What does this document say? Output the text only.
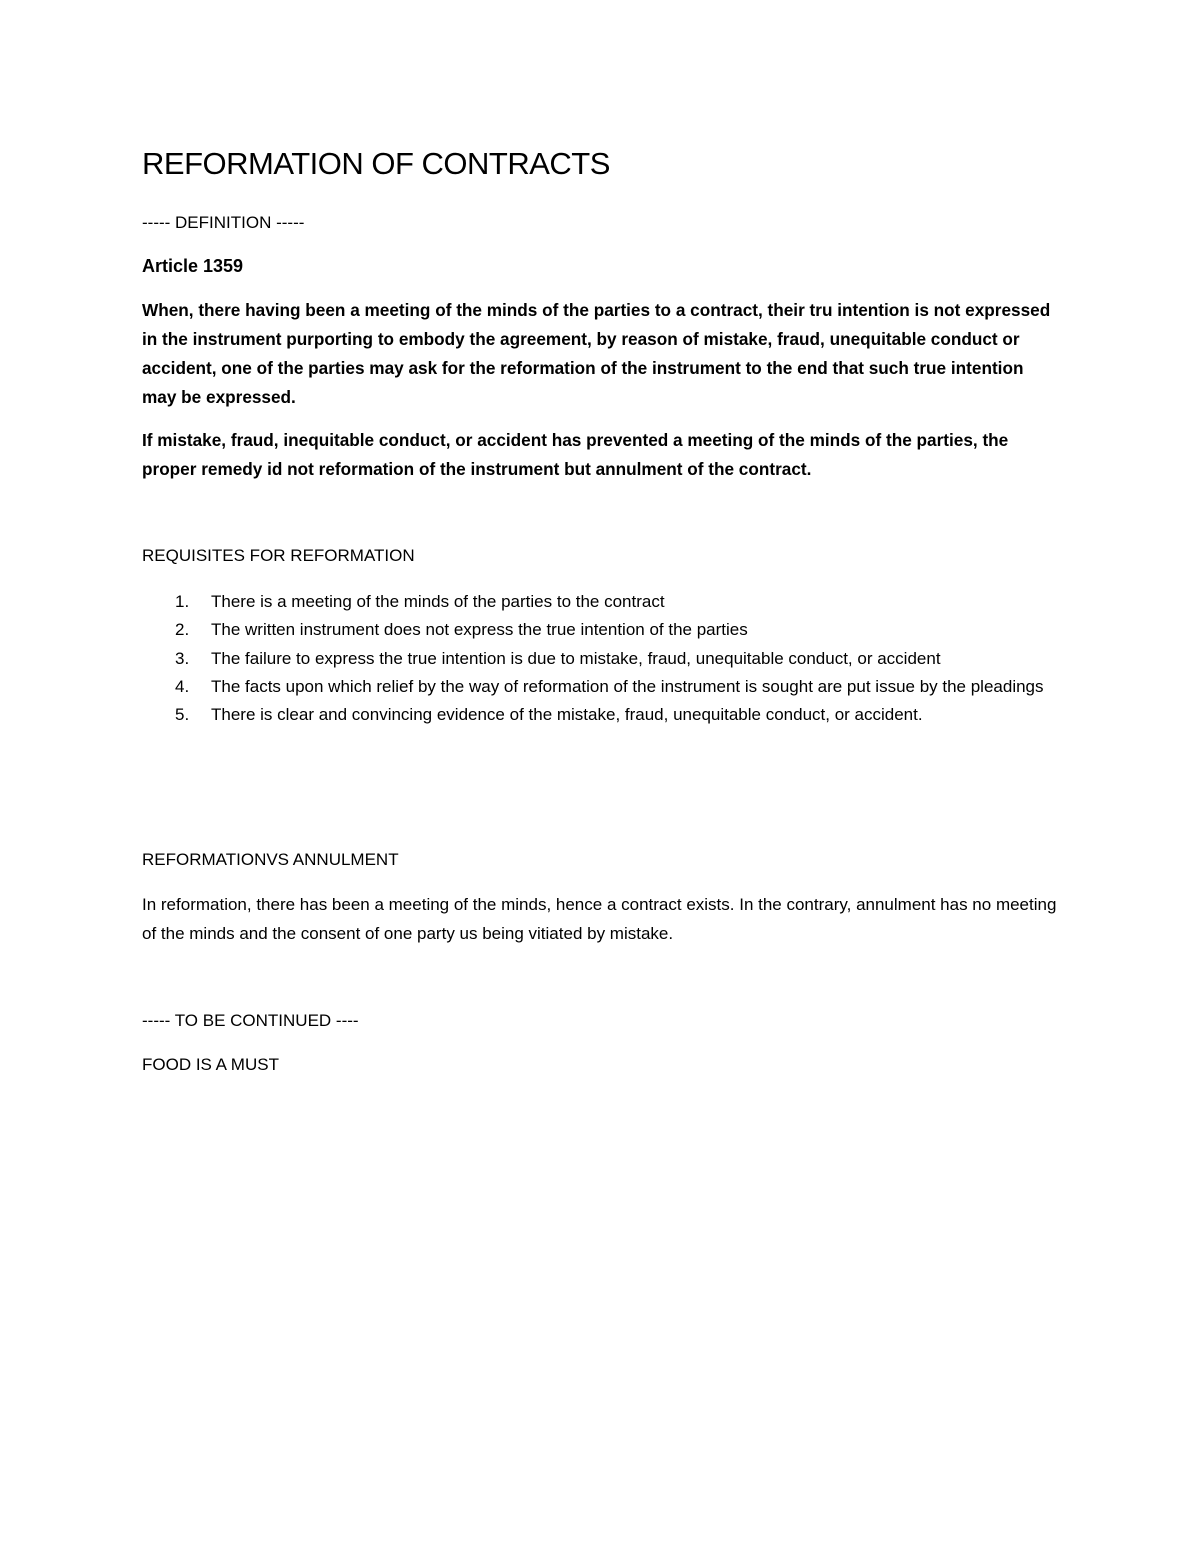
REFORMATION OF CONTRACTS

----- DEFINITION -----

Article 1359

When, there having been a meeting of the minds of the parties to a contract, their tru intention is not expressed in the instrument purporting to embody the agreement, by reason of mistake, fraud, unequitable conduct or accident, one of the parties may ask for the reformation of the instrument to the end that such true intention may be expressed.

If mistake, fraud, inequitable conduct, or accident has prevented a meeting of the minds of the parties, the proper remedy id not reformation of the instrument but annulment of the contract.

REQUISITES FOR REFORMATION

1. There is a meeting of the minds of the parties to the contract
2. The written instrument does not express the true intention of the parties
3. The failure to express the true intention is due to mistake, fraud, unequitable conduct, or accident
4. The facts upon which relief by the way of reformation of the instrument is sought are put issue by the pleadings
5. There is clear and convincing evidence of the mistake, fraud, unequitable conduct, or accident.

REFORMATIONVS ANNULMENT

In reformation, there has been a meeting of the minds, hence a contract exists. In the contrary, annulment has no meeting of the minds and the consent of one party us being vitiated by mistake.

----- TO BE CONTINUED ----

FOOD IS A MUST
